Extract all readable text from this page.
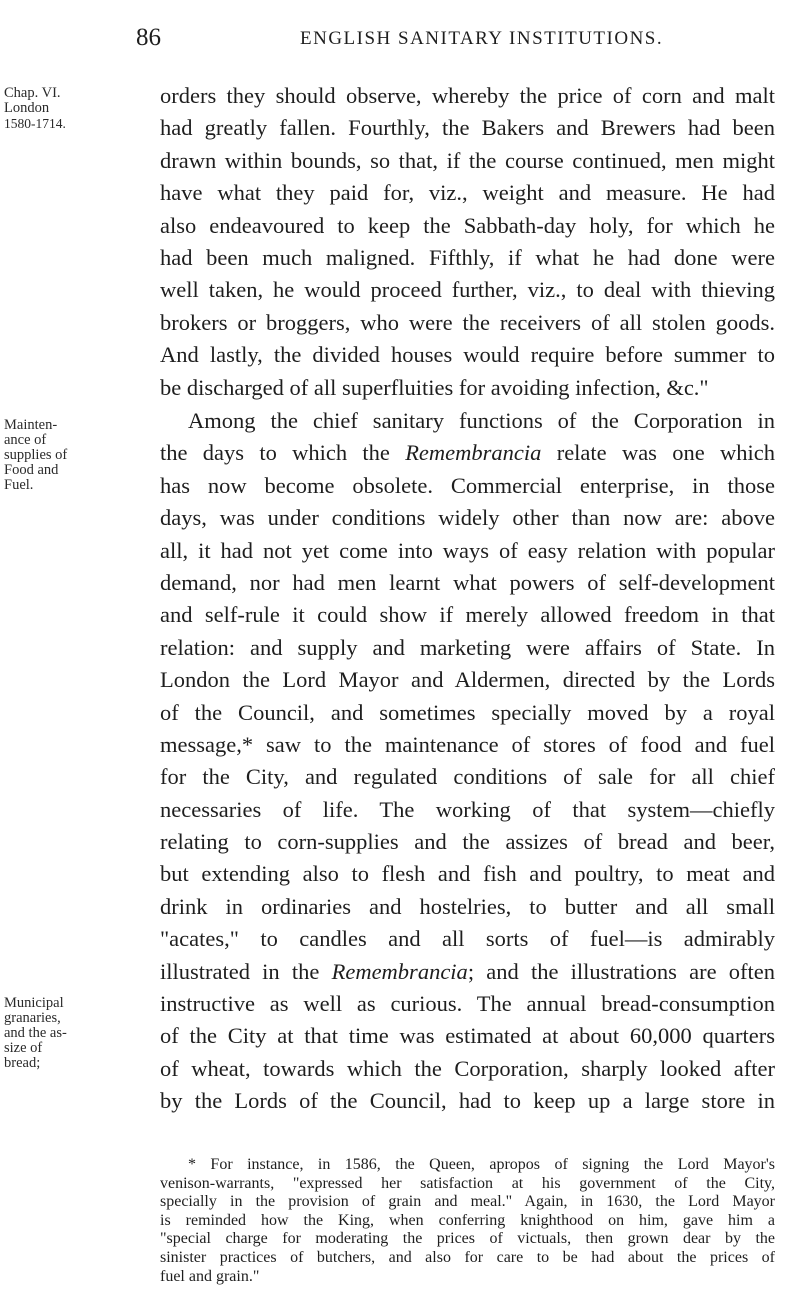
86	ENGLISH SANITARY INSTITUTIONS.
Chap. VI.
London
1580-1714.
Mainten-
ance of
supplies of
Food and
Fuel.
Municipal
granaries,
and the as-
size of
bread;
orders they should observe, whereby the price of corn and malt
had greatly fallen. Fourthly, the Bakers and Brewers had been
drawn within bounds, so that, if the course continued, men might
have what they paid for, viz., weight and measure. He had
also endeavoured to keep the Sabbath-day holy, for which he
had been much maligned. Fifthly, if what he had done were
well taken, he would proceed further, viz., to deal with thieving
brokers or broggers, who were the receivers of all stolen goods.
And lastly, the divided houses would require before summer to
be discharged of all superfluities for avoiding infection, &c."
Among the chief sanitary functions of the Corporation in
the days to which the Remembrancia relate was one which
has now become obsolete. Commercial enterprise, in those
days, was under conditions widely other than now are: above
all, it had not yet come into ways of easy relation with popular
demand, nor had men learnt what powers of self-development
and self-rule it could show if merely allowed freedom in that
relation: and supply and marketing were affairs of State. In
London the Lord Mayor and Aldermen, directed by the Lords
of the Council, and sometimes specially moved by a royal
message,* saw to the maintenance of stores of food and fuel
for the City, and regulated conditions of sale for all chief
necessaries of life. The working of that system—chiefly
relating to corn-supplies and the assizes of bread and beer,
but extending also to flesh and fish and poultry, to meat and
drink in ordinaries and hostelries, to butter and all small
"acates," to candles and all sorts of fuel—is admirably
illustrated in the Remembrancia; and the illustrations are often
instructive as well as curious. The annual bread-consumption
of the City at that time was estimated at about 60,000 quarters
of wheat, towards which the Corporation, sharply looked after
by the Lords of the Council, had to keep up a large store in
* For instance, in 1586, the Queen, apropos of signing the Lord Mayor's
venison-warrants, "expressed her satisfaction at his government of the City,
specially in the provision of grain and meal." Again, in 1630, the Lord Mayor
is reminded how the King, when conferring knighthood on him, gave him a
"special charge for moderating the prices of victuals, then grown dear by the
sinister practices of butchers, and also for care to be had about the prices of
fuel and grain."
